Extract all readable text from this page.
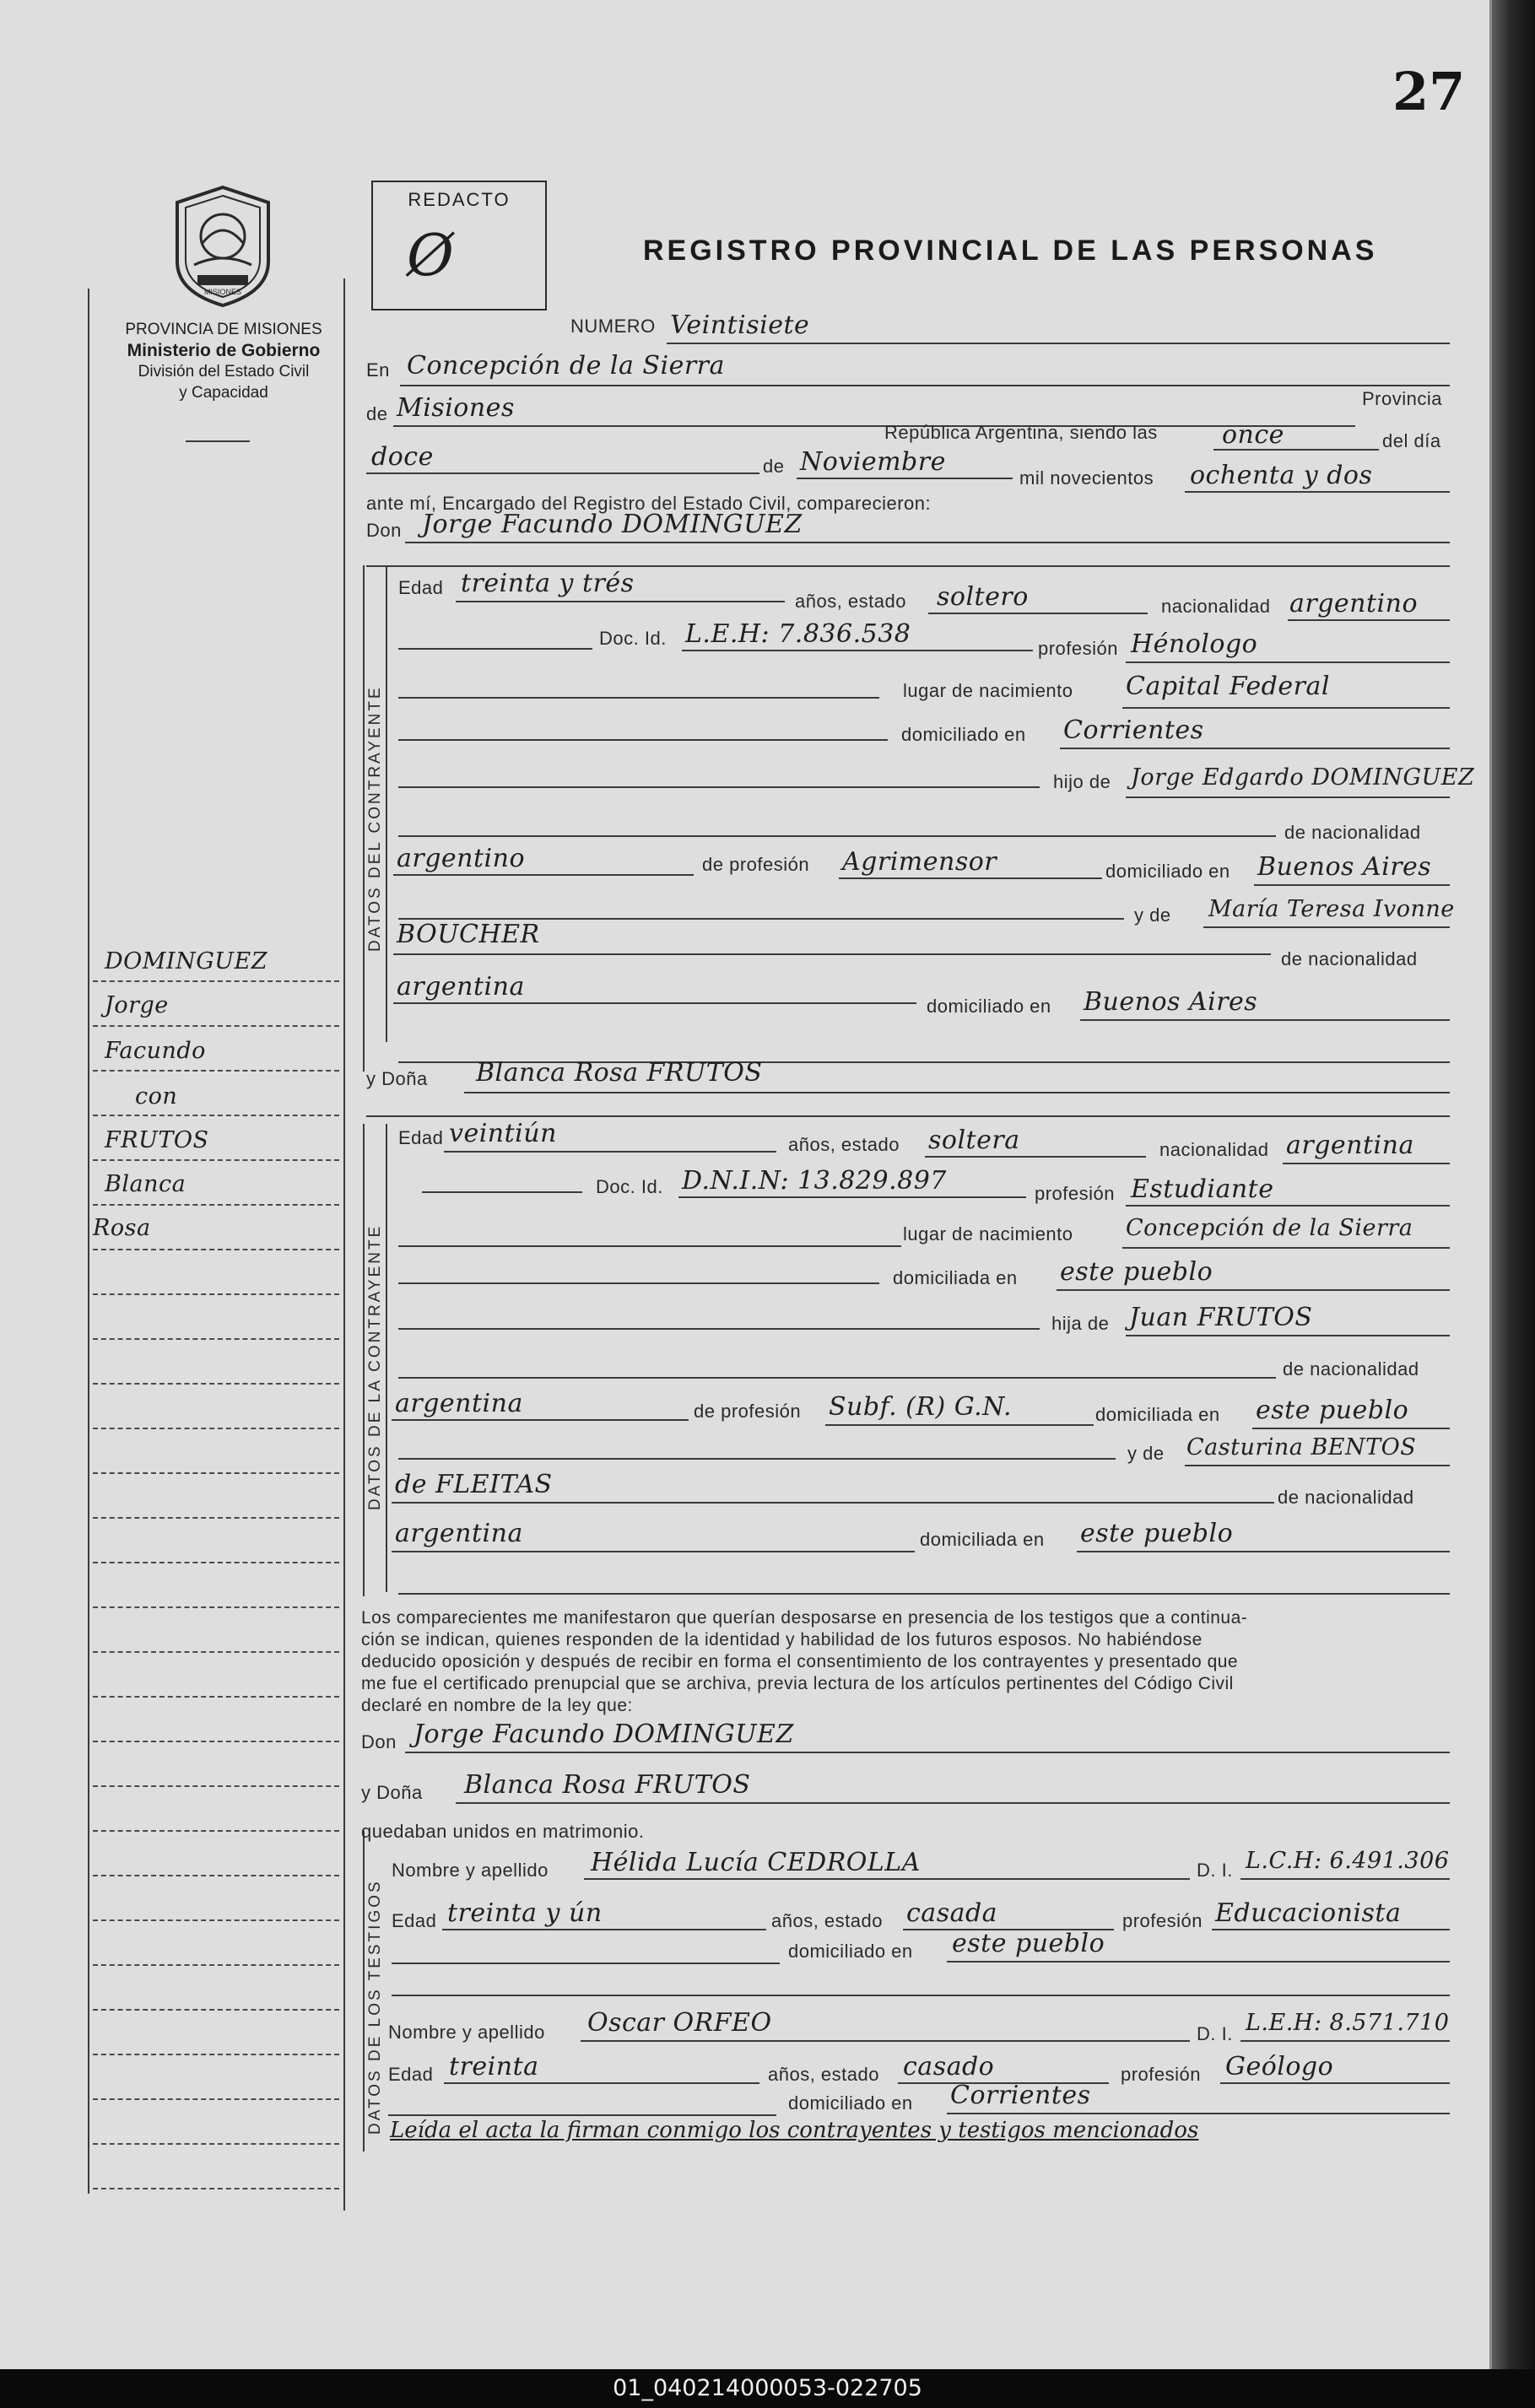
01_040214000053-022705
27
MISIONES
PROVINCIA DE MISIONES
Ministerio de Gobierno
División del Estado Civil
y Capacidad
REDACTO
Ø	REGISTRO PROVINCIAL DE LAS PERSONAS
DATOS DEL CONTRAYENTE
DATOS DE LA CONTRAYENTE
DATOS DE LOS TESTIGOS
DOMINGUEZ
Jorge
Facundo
con
FRUTOS
Blanca
Rosa
NUMERO Veintisiete
En Concepción de la Sierra
de Misiones	Provincia
República Argentina, siendo las	once	del día
doce	de Noviembre
mil novecientos ochenta y dos
ante mí, Encargado del Registro del Estado Civil, comparecieron:
Don Jorge Facundo DOMINGUEZ
Edad treinta y trés
años, estado soltero	nacionalidad argentino
Doc. Id. L.E.H: 7.836.538	profesión Hénologo
lugar de nacimiento Capital Federal
domiciliado en Corrientes
hijo de Jorge Edgardo DOMINGUEZ
de nacionalidad
argentino	de profesión Agrimensor	domiciliado en Buenos Aires
y de María Teresa Ivonne
BOUCHER
de nacionalidad
argentina
domiciliado en Buenos Aires
y Doña Blanca Rosa FRUTOS
Edad veintiún	años, estado soltera	nacionalidad argentina
Doc. Id. D.N.I.N: 13.829.897	profesión Estudiante
lugar de nacimiento Concepción de la Sierra
domiciliada en este pueblo
hija de Juan FRUTOS
de nacionalidad
argentina	de profesión Subf. (R) G.N.	domiciliada en este pueblo
y de Casturina BENTOS
de FLEITAS	de nacionalidad
argentina	domiciliada en este pueblo
Los comparecientes me manifestaron que querían desposarse en presencia de los testigos que a continua-
ción se indican, quienes responden de la identidad y habilidad de los futuros esposos. No habiéndose
deducido oposición y después de recibir en forma el consentimiento de los contrayentes y presentado que
me fue el certificado prenupcial que se archiva, previa lectura de los artículos pertinentes del Código Civil
declaré en nombre de la ley que:
Don Jorge Facundo DOMINGUEZ
y Doña Blanca Rosa FRUTOS
quedaban unidos en matrimonio.
Nombre y apellido Hélida Lucía CEDROLLA	D. I. L.C.H: 6.491.306
Edad treinta y ún	años, estado casada	profesión Educacionista
domiciliado en este pueblo
Nombre y apellido Oscar ORFEO	D. I. L.E.H: 8.571.710
Edad treinta	años, estado casado	profesión Geólogo
domiciliado en Corrientes
Leída el acta la firman conmigo los contrayentes y testigos mencionados
